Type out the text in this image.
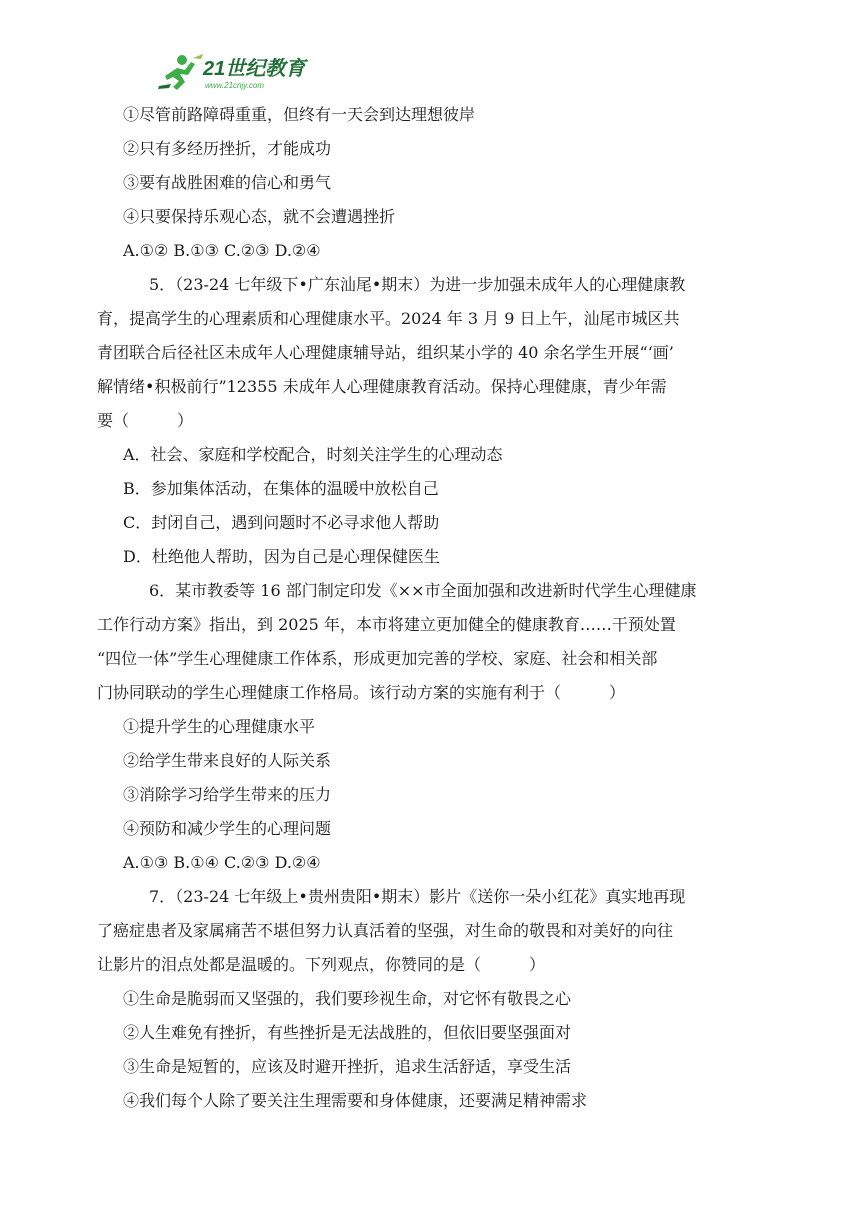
21世纪教育
www.21cnjy.com
①尽管前路障碍重重，但终有一天会到达理想彼岸
②只有多经历挫折，才能成功
③要有战胜困难的信心和勇气
④只要保持乐观心态，就不会遭遇挫折
A.①② B.①③ C.②③ D.②④
5．（23-24 七年级下•广东汕尾•期末）为进一步加强未成年人的心理健康教
育，提高学生的心理素质和心理健康水平。2024 年 3 月 9 日上午，汕尾市城区共
青团联合后径社区未成年人心理健康辅导站，组织某小学的 40 余名学生开展“‘画’
解情绪•积极前行”12355 未成年人心理健康教育活动。保持心理健康，青少年需
要（　　　）
A．社会、家庭和学校配合，时刻关注学生的心理动态
B．参加集体活动，在集体的温暖中放松自己
C．封闭自己，遇到问题时不必寻求他人帮助
D．杜绝他人帮助，因为自己是心理保健医生
6．某市教委等 16 部门制定印发《××市全面加强和改进新时代学生心理健康
工作行动方案》指出，到 2025 年，本市将建立更加健全的健康教育……干预处置
“四位一体”学生心理健康工作体系，形成更加完善的学校、家庭、社会和相关部
门协同联动的学生心理健康工作格局。该行动方案的实施有利于（　　　）
①提升学生的心理健康水平
②给学生带来良好的人际关系
③消除学习给学生带来的压力
④预防和减少学生的心理问题
A.①③ B.①④ C.②③ D.②④
7．（23-24 七年级上•贵州贵阳•期末）影片《送你一朵小红花》真实地再现
了癌症患者及家属痛苦不堪但努力认真活着的坚强，对生命的敬畏和对美好的向往
让影片的泪点处都是温暖的。下列观点，你赞同的是（　　　）
①生命是脆弱而又坚强的，我们要珍视生命，对它怀有敬畏之心
②人生难免有挫折，有些挫折是无法战胜的，但依旧要坚强面对
③生命是短暂的，应该及时避开挫折，追求生活舒适，享受生活
④我们每个人除了要关注生理需要和身体健康，还要满足精神需求
